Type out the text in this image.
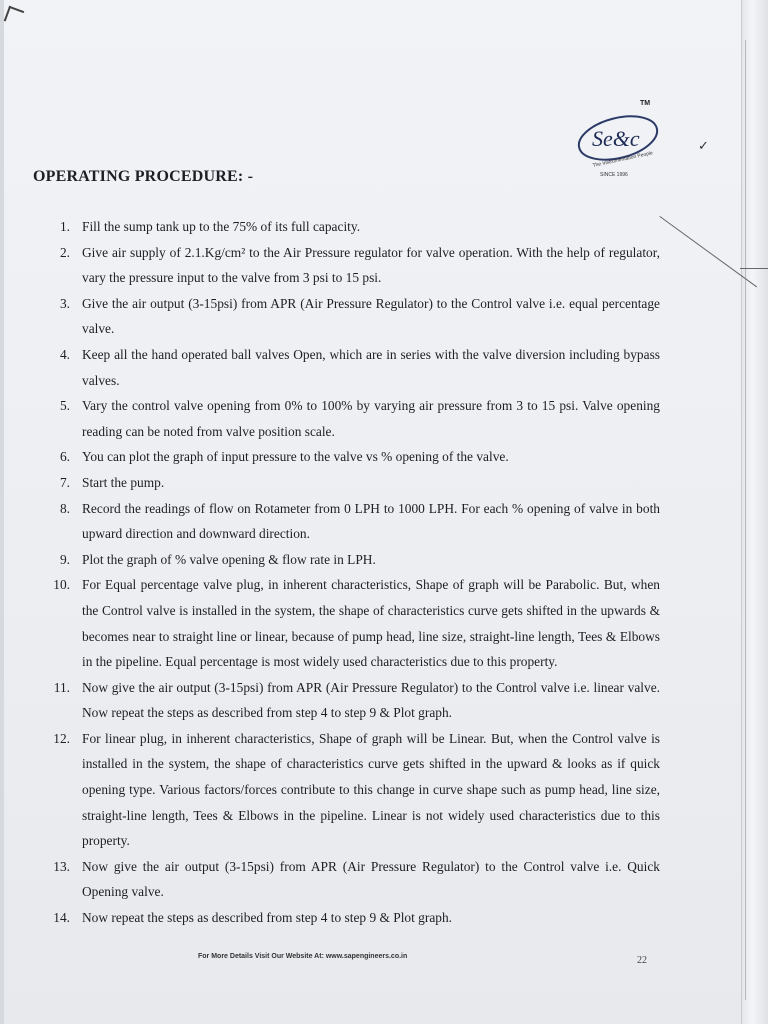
TM
Se&c
The Instrumentation People
SINCE 1996
✓
OPERATING PROCEDURE: -
1. Fill the sump tank up to the 75% of its full capacity.
2. Give air supply of 2.1.Kg/cm² to the Air Pressure regulator for valve operation. With the help of regulator, vary the pressure input to the valve from 3 psi to 15 psi.
3. Give the air output (3-15psi) from APR (Air Pressure Regulator) to the Control valve i.e. equal percentage valve.
4. Keep all the hand operated ball valves Open, which are in series with the valve diversion including bypass valves.
5. Vary the control valve opening from 0% to 100% by varying air pressure from 3 to 15 psi. Valve opening reading can be noted from valve position scale.
6. You can plot the graph of input pressure to the valve vs % opening of the valve.
7. Start the pump.
8. Record the readings of flow on Rotameter from 0 LPH to 1000 LPH. For each % opening of valve in both upward direction and downward direction.
9. Plot the graph of % valve opening & flow rate in LPH.
10. For Equal percentage valve plug, in inherent characteristics, Shape of graph will be Parabolic. But, when the Control valve is installed in the system, the shape of characteristics curve gets shifted in the upwards & becomes near to straight line or linear, because of pump head, line size, straight-line length, Tees & Elbows in the pipeline. Equal percentage is most widely used characteristics due to this property.
11. Now give the air output (3-15psi) from APR (Air Pressure Regulator) to the Control valve i.e. linear valve. Now repeat the steps as described from step 4 to step 9 & Plot graph.
12. For linear plug, in inherent characteristics, Shape of graph will be Linear. But, when the Control valve is installed in the system, the shape of characteristics curve gets shifted in the upward & looks as if quick opening type. Various factors/forces contribute to this change in curve shape such as pump head, line size, straight-line length, Tees & Elbows in the pipeline. Linear is not widely used characteristics due to this property.
13. Now give the air output (3-15psi) from APR (Air Pressure Regulator) to the Control valve i.e. Quick Opening valve.
14. Now repeat the steps as described from step 4 to step 9 & Plot graph.
For More Details Visit Our Website At: www.sapengineers.co.in	22
